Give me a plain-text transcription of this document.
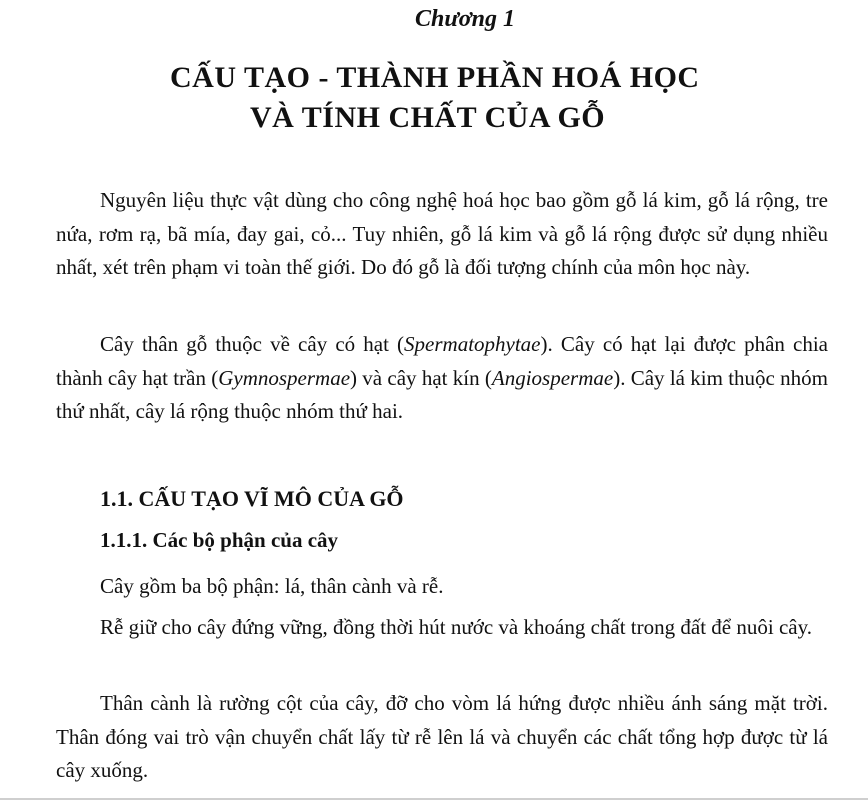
Chương 1
CẤU TẠO - THÀNH PHẦN HOÁ HỌC
VÀ TÍNH CHẤT CỦA GỖ

Nguyên liệu thực vật dùng cho công nghệ hoá học bao gồm gỗ lá kim, gỗ lá rộng, tre nứa, rơm rạ, bã mía, đay gai, cỏ... Tuy nhiên, gỗ lá kim và gỗ lá rộng được sử dụng nhiều nhất, xét trên phạm vi toàn thế giới. Do đó gỗ là đối tượng chính của môn học này.

Cây thân gỗ thuộc về cây có hạt (Spermatophytae). Cây có hạt lại được phân chia thành cây hạt trần (Gymnospermae) và cây hạt kín (Angiospermae). Cây lá kim thuộc nhóm thứ nhất, cây lá rộng thuộc nhóm thứ hai.

1.1. CẤU TẠO VĨ MÔ CỦA GỖ
1.1.1. Các bộ phận của cây

Cây gồm ba bộ phận: lá, thân cành và rễ.

Rễ giữ cho cây đứng vững, đồng thời hút nước và khoáng chất trong đất để nuôi cây.

Thân cành là rường cột của cây, đỡ cho vòm lá hứng được nhiều ánh sáng mặt trời. Thân đóng vai trò vận chuyển chất lấy từ rễ lên lá và chuyển các chất tổng hợp được từ lá cây xuống.
